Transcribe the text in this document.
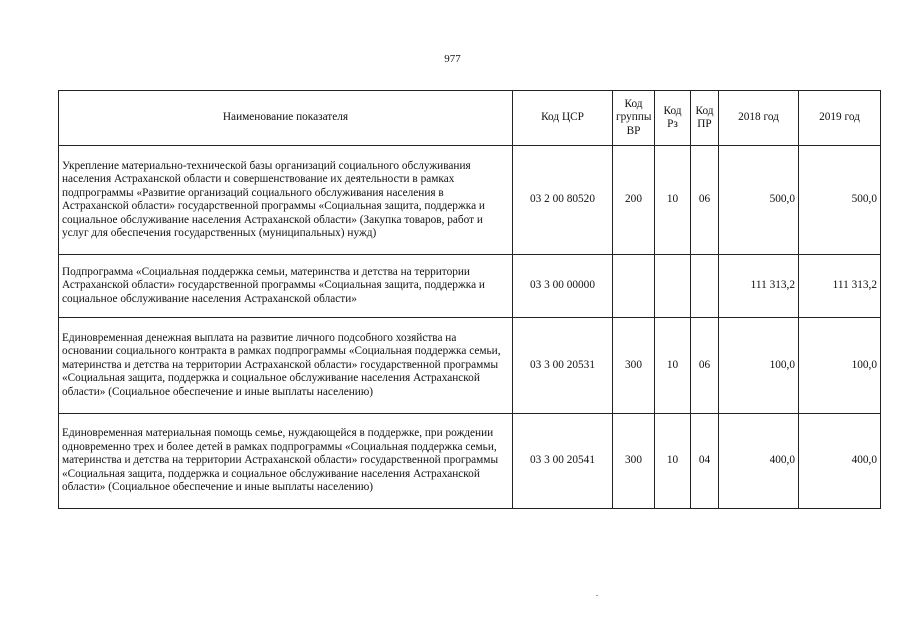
977
Наименование показателя	Код ЦСР	Код группы ВР	Код Рз	Код ПР	2018 год	2019 год
Укрепление материально-технической базы организаций социального обслуживания населения Астраханской области и совершенствование их деятельности в рамках подпрограммы «Развитие организаций социального обслуживания населения в Астраханской области» государственной программы «Социальная защита, поддержка и социальное обслуживание населения Астраханской области» (Закупка товаров, работ и услуг для обеспечения государственных (муниципальных) нужд)	03 2 00 80520	200	10	06	500,0	500,0
Подпрограмма «Социальная поддержка семьи, материнства и детства на территории Астраханской области» государственной программы «Социальная защита, поддержка и социальное обслуживание населения Астраханской области»	03 3 00 00000				111 313,2	111 313,2
Единовременная денежная выплата на развитие личного подсобного хозяйства на основании социального контракта в рамках подпрограммы «Социальная поддержка семьи, материнства и детства на территории Астраханской области» государственной программы «Социальная защита, поддержка и социальное обслуживание населения Астраханской области» (Социальное обеспечение и иные выплаты населению)	03 3 00 20531	300	10	06	100,0	100,0
Единовременная материальная помощь семье, нуждающейся в поддержке, при рождении одновременно трех и более детей в рамках подпрограммы «Социальная поддержка семьи, материнства и детства на территории Астраханской области» государственной программы «Социальная защита, поддержка и социальное обслуживание населения Астраханской области» (Социальное обеспечение и иные выплаты населению)	03 3 00 20541	300	10	04	400,0	400,0
